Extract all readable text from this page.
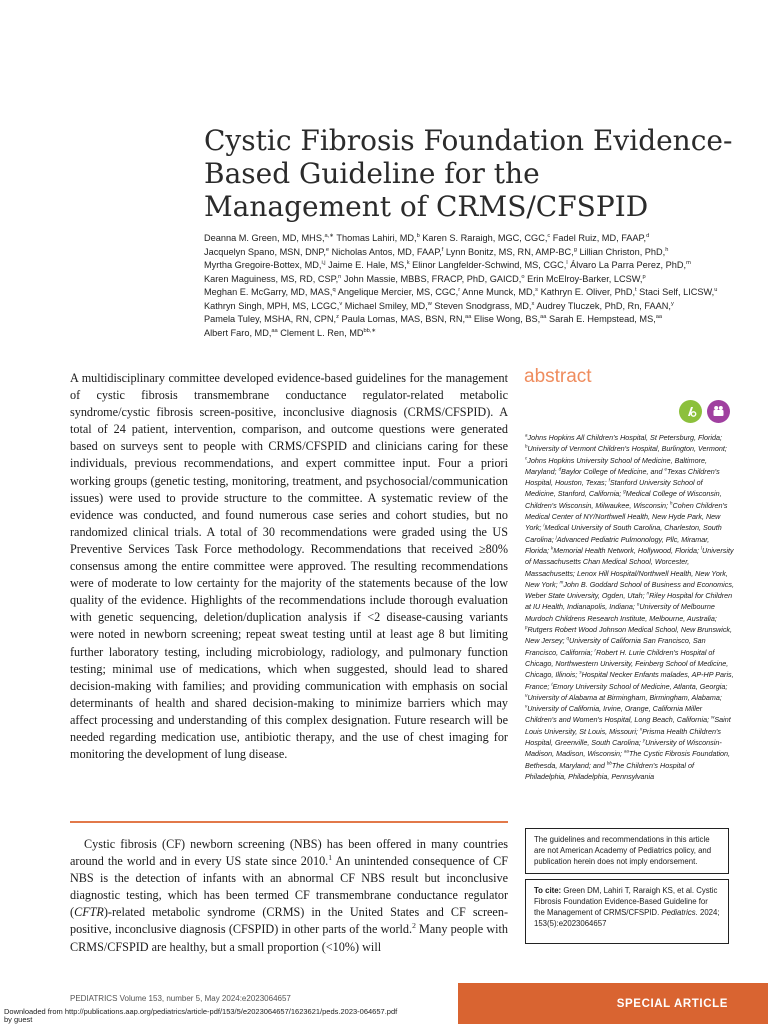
Cystic Fibrosis Foundation Evidence-Based Guideline for the Management of CRMS/CFSPID
Deanna M. Green, MD, MHS,$^{a,∗}$ Thomas Lahiri, MD,$^b$ Karen S. Raraigh, MGC, CGC,$^c$ Fadel Ruiz, MD, FAAP,$^d$
Jacquelyn Spano, MSN, DNP,$^e$ Nicholas Antos, MD, FAAP,$^f$ Lynn Bonitz, MS, RN, AMP-BC,$^g$ Lillian Christon, PhD,$^h$
Myrtha Gregoire-Bottex, MD,$^{i,j}$ Jaime E. Hale, MS,$^k$ Elinor Langfelder-Schwind, MS, CGC,$^l$ Álvaro La Parra Perez, PhD,$^m$
Karen Maguiness, MS, RD, CSP,$^n$ John Massie, MBBS, FRACP, PhD, GAICD,$^o$ Erin McElroy-Barker, LCSW,$^p$
Meghan E. McGarry, MD, MAS,$^q$ Angelique Mercier, MS, CGC,$^r$ Anne Munck, MD,$^s$ Kathryn E. Oliver, PhD,$^t$ Staci Self, LICSW,$^u$
Kathryn Singh, MPH, MS, LCGC,$^v$ Michael Smiley, MD,$^w$ Steven Snodgrass, MD,$^x$ Audrey Tluczek, PhD, Rn, FAAN,$^y$
Pamela Tuley, MSHA, RN, CPN,$^z$ Paula Lomas, MAS, BSN, RN,$^{aa}$ Elise Wong, BS,$^{aa}$ Sarah E. Hempstead, MS,$^{aa}$
Albert Faro, MD,$^{aa}$ Clement L. Ren, $MD^{bb,∗}$
abstract

A multidisciplinary committee developed evidence-based guidelines for the management of cystic fibrosis transmembrane conductance regulator-related metabolic syndrome/cystic fibrosis screen-positive, inconclusive diagnosis (CRMS/CFSPID). A total of 24 patient, intervention, comparison, and outcome questions were generated based on surveys sent to people with CRMS/CFSPID and clinicians caring for these individuals, previous recommendations, and expert committee input. Four a priori working groups (genetic testing, monitoring, treatment, and psychosocial/communication issues) were used to provide structure to the committee. A systematic review of the evidence was conducted, and found numerous case series and cohort studies, but no randomized clinical trials. A total of 30 recommendations were graded using the US Preventive Services Task Force methodology. Recommendations that received ≥80% consensus among the entire committee were approved. The resulting recommendations were of moderate to low certainty for the majority of the statements because of the low quality of the evidence. Highlights of the recommendations include thorough evaluation with genetic sequencing, deletion/duplication analysis if <2 disease-causing variants were noted in newborn screening; repeat sweat testing until at least age 8 but limiting further laboratory testing, including microbiology, radiology, and pulmonary function testing; minimal use of medications, which when suggested, should lead to shared decision-making with families; and providing communication with emphasis on social determinants of health and shared decision-making to minimize barriers which may affect processing and understanding of this complex designation. Future research will be needed regarding medication use, antibiotic therapy, and the use of chest imaging for monitoring the development of lung disease.

$^a$Johns Hopkins All Children's Hospital, St Petersburg, Florida; $^b$University of Vermont Children's Hospital, Burlington, Vermont; $^c$Johns Hopkins University School of Medicine, Baltimore, Maryland; $^d$Baylor College of Medicine, and $^e$Texas Children's Hospital, Houston, Texas; $^f$Stanford University School of Medicine, Stanford, California; $^g$Medical College of Wisconsin, Children's Wisconsin, Milwaukee, Wisconsin; $^h$Cohen Children's Medical Center of NY/Northwell Health, New Hyde Park, New York; $^i$Medical University of South Carolina, Charleston, South Carolina; $^j$Advanced Pediatric Pulmonology, Pllc, Miramar, Florida; $^k$Memorial Health Network, Hollywood, Florida; $^l$University of Massachusetts Chan Medical School, Worcester, Massachusetts; Lenox Hill Hospital/Northwell Health, New York, New York; $^m$John B. Goddard School of Business and Economics, Weber State University, Ogden, Utah; $^n$Riley Hospital for Children at IU Health, Indianapolis, Indiana; $^o$University of Melbourne Murdoch Childrens Research Institute, Melbourne, Australia; $^p$Rutgers Robert Wood Johnson Medical School, New Brunswick, New Jersey; $^q$University of California San Francisco, San Francisco, California; $^r$Robert H. Lurie Children's Hospital of Chicago, Northwestern University, Feinberg School of Medicine, Chicago, Illinois; $^s$Hospital Necker Enfants malades, AP-HP Paris, France; $^t$Emory University School of Medicine, Atlanta, Georgia; $^u$University of Alabama at Birmingham, Birmingham, Alabama; $^v$University of California, Irvine, Orange, California Miller Children's and Women's Hospital, Long Beach, California; $^w$Saint Louis University, St Louis, Missouri; $^x$Prisma Health Children's Hospital, Greenville, South Carolina; $^y$University of Wisconsin-Madison, Madison, Wisconsin; $^{aa}$The Cystic Fibrosis Foundation, Bethesda, Maryland; and $^{bb}$The Children's Hospital of Philadelphia, Philadelphia, Pennsylvania

Cystic fibrosis (CF) newborn screening (NBS) has been offered in many countries around the world and in every US state since 2010.$^1$ An unintended consequence of CF NBS is the detection of infants with an abnormal CF NBS result but inconclusive diagnostic testing, which has been termed CF transmembrane conductance regulator (CFTR)-related metabolic syndrome (CRMS) in the United States and CF screen-positive, inconclusive diagnosis (CFSPID) in other parts of the world.$^2$ Many people with CRMS/CFSPID are healthy, but a small proportion (<10%) will

The guidelines and recommendations in this article are not American Academy of Pediatrics policy, and publication herein does not imply endorsement.
To cite: Green DM, Lahiri T, Raraigh KS, et al. Cystic Fibrosis Foundation Evidence-Based Guideline for the Management of CRMS/CFSPID. Pediatrics. 2024; 153(5):e2023064657
PEDIATRICS Volume 153, number 5, May 2024:e2023064657	SPECIAL ARTICLE
Downloaded from http://publications.aap.org/pediatrics/article-pdf/153/5/e2023064657/1623621/peds.2023-064657.pdf
by guest
